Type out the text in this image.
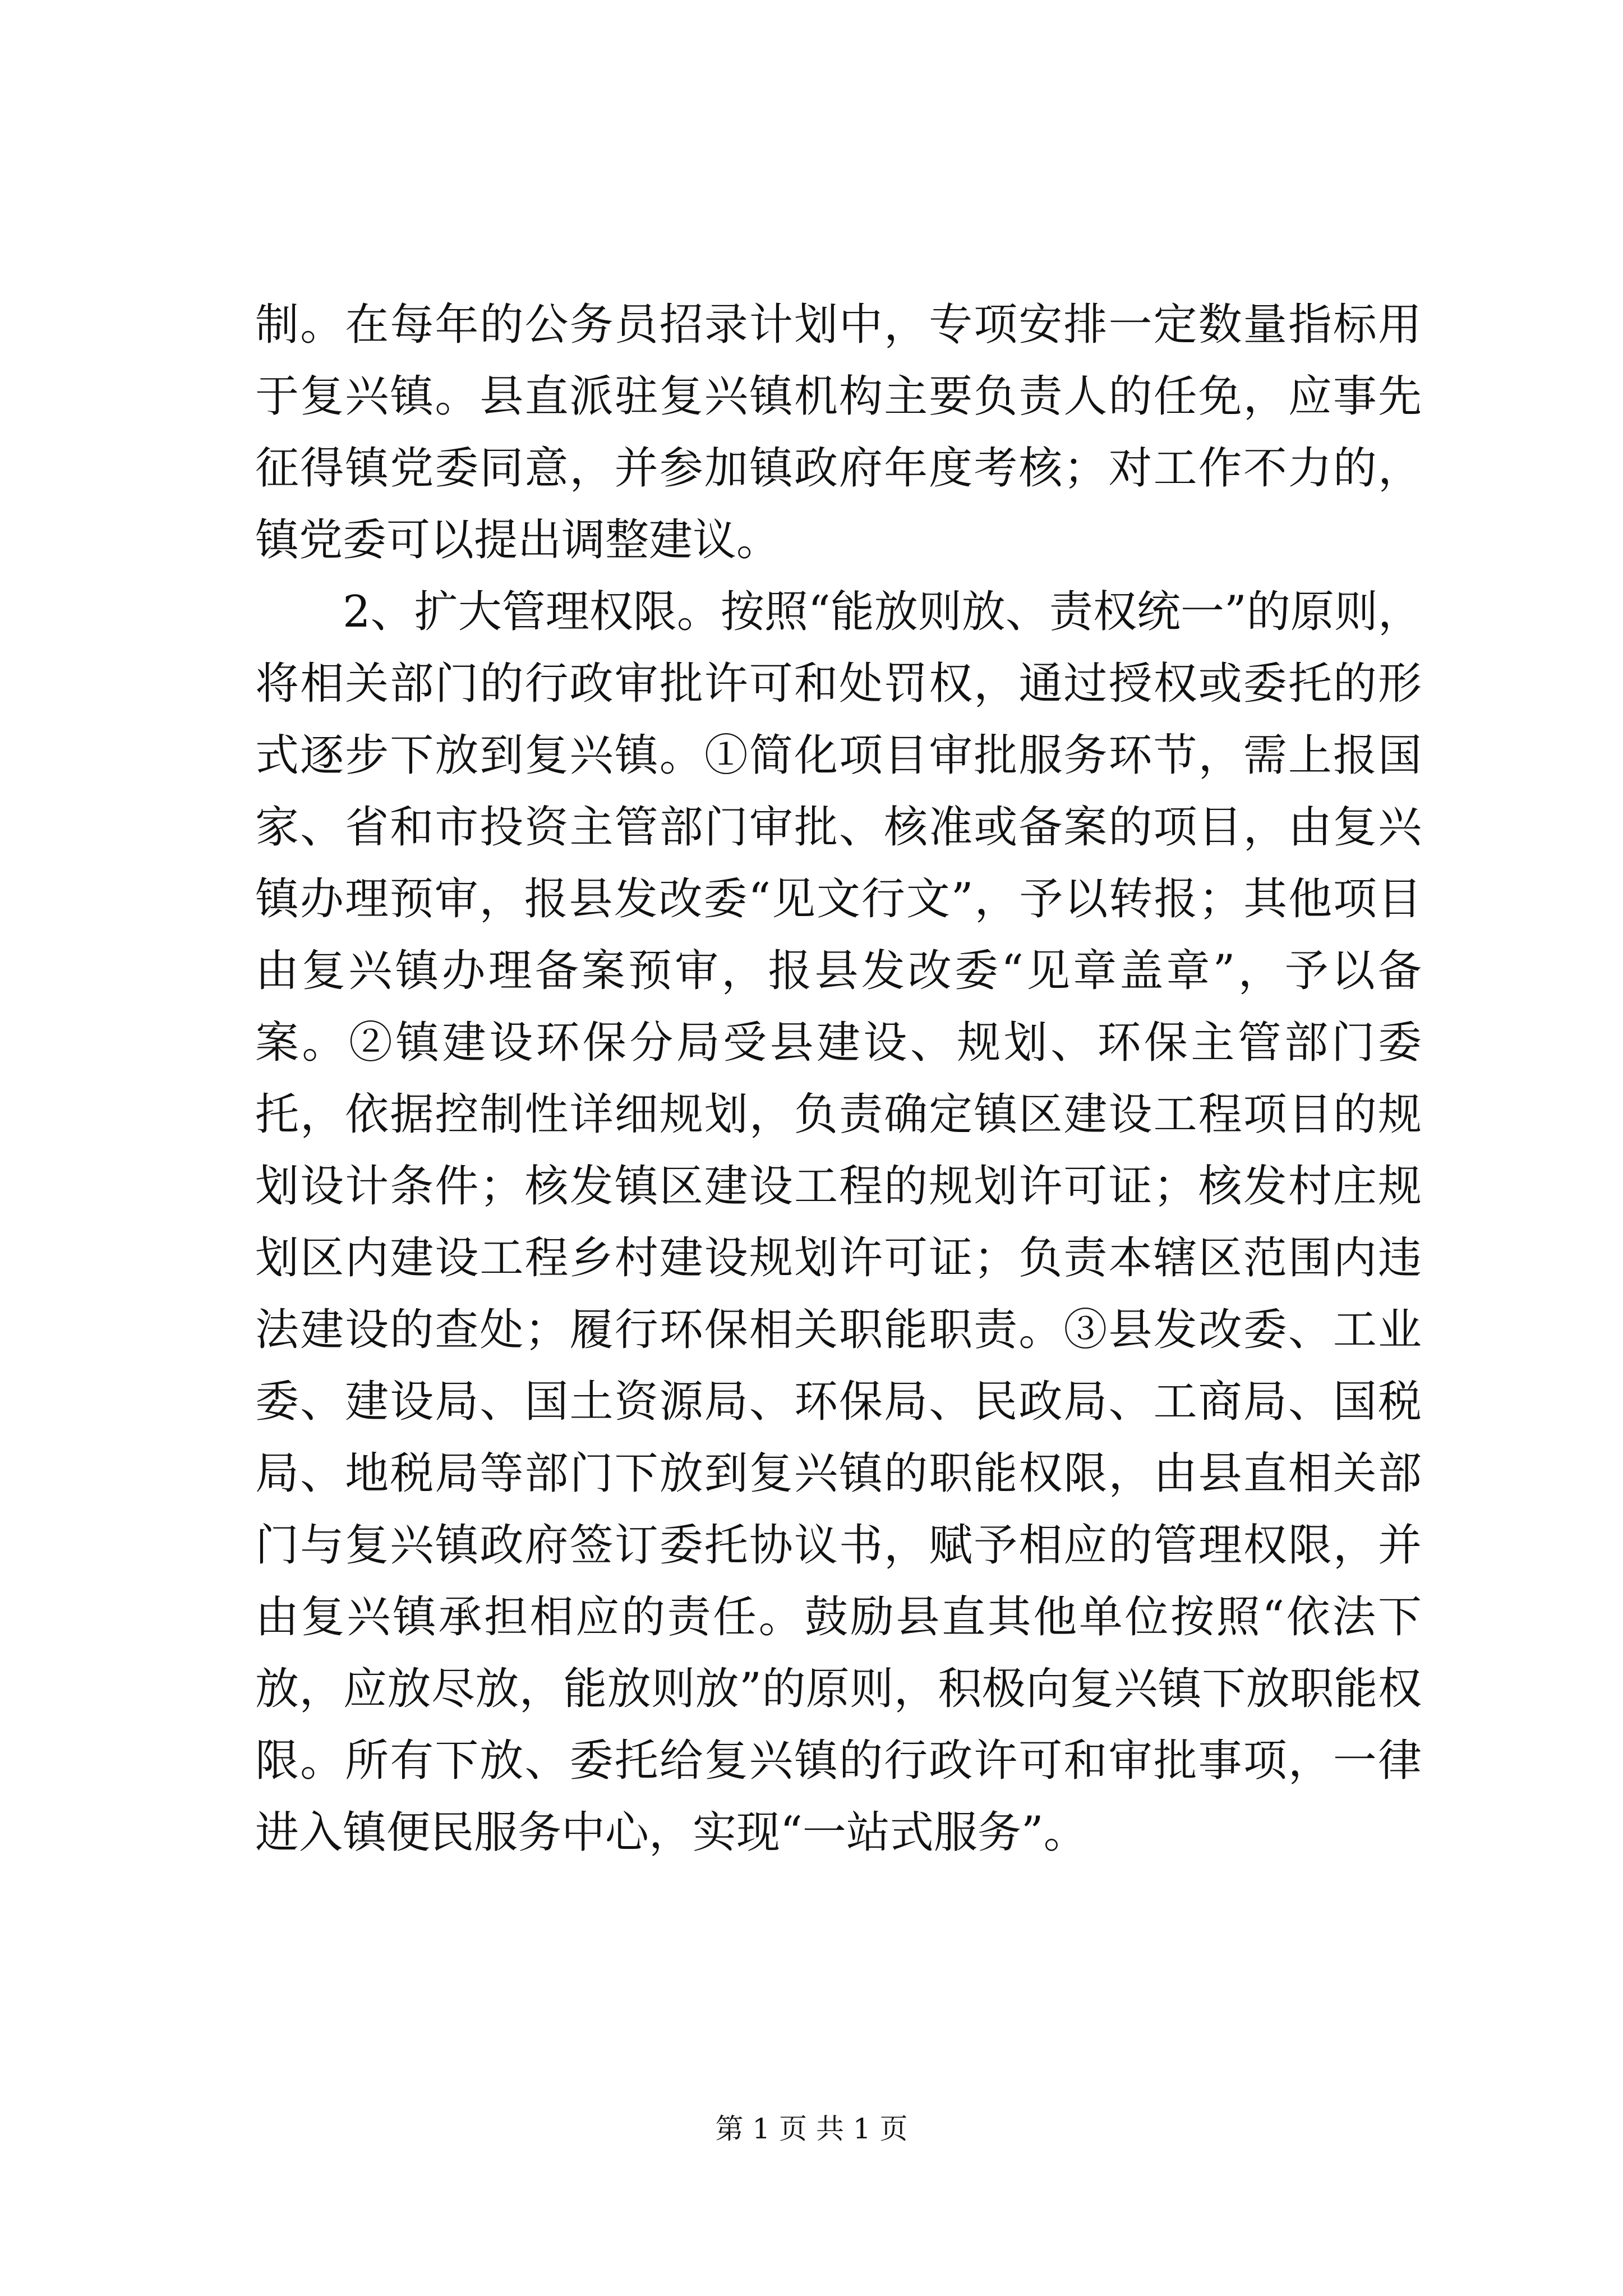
制。在每年的公务员招录计划中，专项安排一定数量指标用于复兴镇。县直派驻复兴镇机构主要负责人的任免，应事先征得镇党委同意，并参加镇政府年度考核；对工作不力的，镇党委可以提出调整建议。

2、扩大管理权限。按照“能放则放、责权统一”的原则，将相关部门的行政审批许可和处罚权，通过授权或委托的形式逐步下放到复兴镇。①简化项目审批服务环节，需上报国家、省和市投资主管部门审批、核准或备案的项目，由复兴镇办理预审，报县发改委“见文行文”，予以转报；其他项目由复兴镇办理备案预审，报县发改委“见章盖章”，予以备案。②镇建设环保分局受县建设、规划、环保主管部门委托，依据控制性详细规划，负责确定镇区建设工程项目的规划设计条件；核发镇区建设工程的规划许可证；核发村庄规划区内建设工程乡村建设规划许可证；负责本辖区范围内违法建设的查处；履行环保相关职能职责。③县发改委、工业委、建设局、国土资源局、环保局、民政局、工商局、国税局、地税局等部门下放到复兴镇的职能权限，由县直相关部门与复兴镇政府签订委托协议书，赋予相应的管理权限，并由复兴镇承担相应的责任。鼓励县直其他单位按照“依法下放，应放尽放，能放则放”的原则，积极向复兴镇下放职能权限。所有下放、委托给复兴镇的行政许可和审批事项，一律进入镇便民服务中心，实现“一站式服务”。

第 1 页 共 1 页
